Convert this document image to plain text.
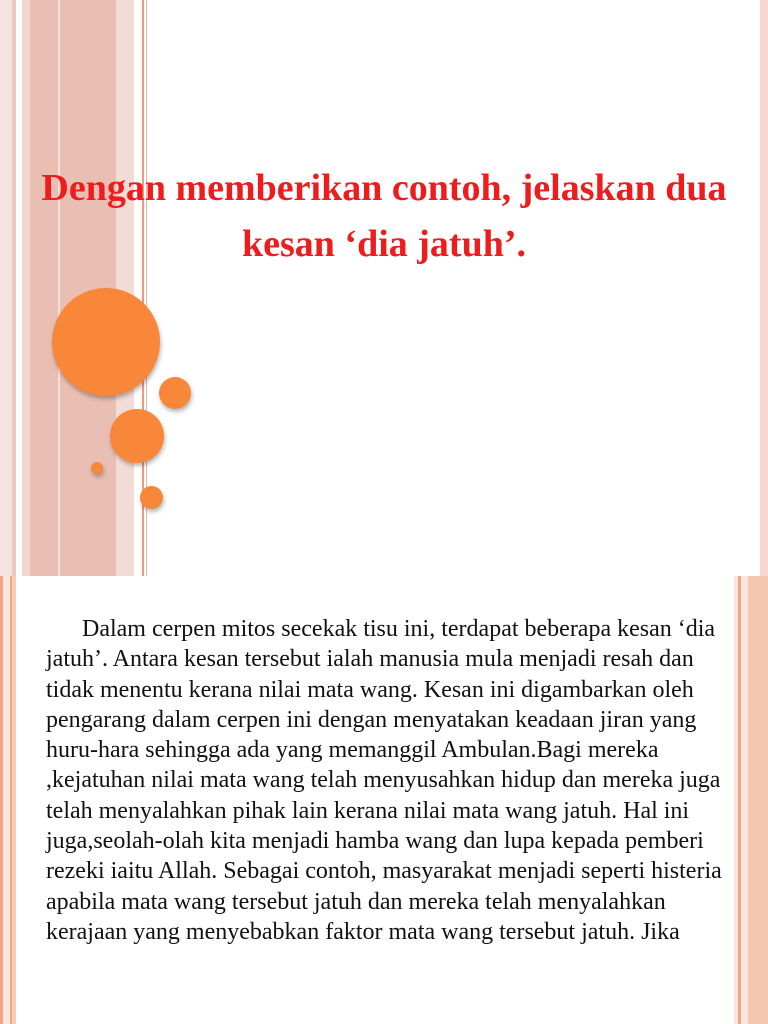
Dengan memberikan contoh, jelaskan dua kesan ‘dia jatuh’.

Dalam cerpen mitos secekak tisu ini, terdapat beberapa kesan ‘dia jatuh’. Antara kesan tersebut ialah manusia mula menjadi resah dan tidak menentu kerana nilai mata wang. Kesan ini digambarkan oleh pengarang dalam cerpen ini dengan menyatakan keadaan jiran yang huru-hara sehingga ada yang memanggil Ambulan.Bagi mereka ,kejatuhan nilai mata wang telah menyusahkan hidup dan mereka juga telah menyalahkan pihak lain kerana nilai mata wang jatuh. Hal ini juga,seolah-olah kita menjadi hamba wang dan lupa kepada pemberi rezeki iaitu Allah. Sebagai contoh, masyarakat menjadi seperti histeria apabila mata wang tersebut jatuh dan mereka telah menyalahkan kerajaan yang menyebabkan faktor mata wang tersebut jatuh. Jika
